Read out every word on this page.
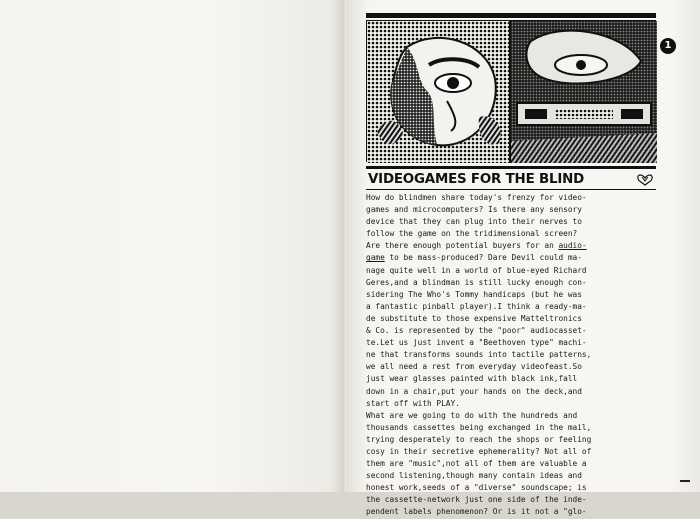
1
VIDEOGAMES FOR THE BLIND
How do blindmen share today's frenzy for video-
games and microcomputers? Is there any sensory
device that they can plug into their nerves to
follow the game on the tridimensional screen?
Are there enough potential buyers for an audio-
game to be mass-produced? Dare Devil could ma-
nage quite well in a world of blue-eyed Richard
Geres,and a blindman is still lucky enough con-
sidering The Who's Tommy handicaps (but he was
a fantastic pinball player).I think a ready-ma-
de substitute to those expensive Matteltronics
& Co. is represented by the "poor" audiocasset-
te.Let us just invent a "Beethoven type" machi-
ne that transforms sounds into tactile patterns,
we all need a rest from everyday videofeast.So
just wear glasses painted with black ink,fall
down in a chair,put your hands on the deck,and
start off with PLAY.
What are we going to do with the hundreds and
thousands cassettes being exchanged in the mail,
trying desperately to reach the shops or feeling
cosy in their secretive ephemerality? Not all of
them are "music",not all of them are valuable a
second listening,though many contain ideas and
honest work,seeds of a "diverse" soundscape; is
the cassette-network just one side of the inde-
pendent labels phenomenon? Or is it not a "glo-
